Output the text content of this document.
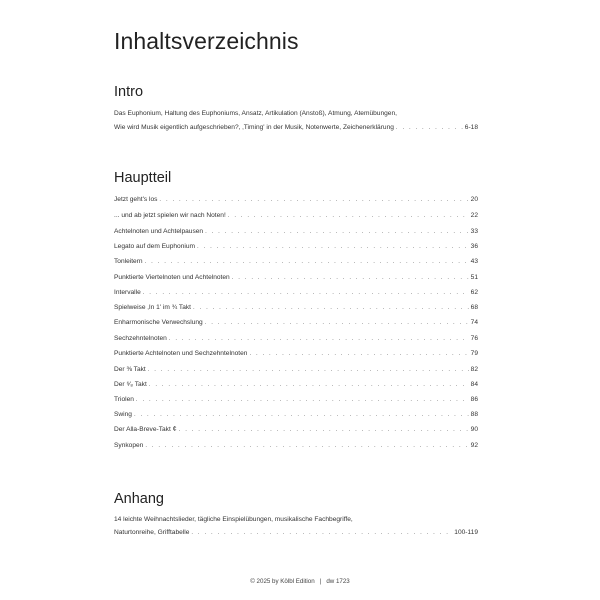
Inhaltsverzeichnis
Intro
Das Euphonium, Haltung des Euphoniums, Ansatz, Artikulation (Anstoß), Atmung, Atemübungen,
Wie wird Musik eigentlich aufgeschrieben?, ‚Timing' in der Musik, Notenwerte, Zeichenerklärung . . .	6-18
Hauptteil
Jetzt geht's los . . .	20
... und ab jetzt spielen wir nach Noten! . . .	22
Achtelnoten und Achtelpausen . . .	33
Legato auf dem Euphonium . . .	36
Tonleitern . . .	43
Punktierte Viertelnoten und Achtelnoten . . .	51
Intervalle . . .	62
Spielweise ‚In 1' im ¾ Takt . . .	68
Enharmonische Verwechslung . . .	74
Sechzehntelnoten . . .	76
Punktierte Achtelnoten und Sechzehntelnoten . . .	79
Der ⅜ Takt . . .	82
Der ⁶⁄₈ Takt . . .	84
Triolen . . .	86
Swing . . .	88
Der Alla-Breve-Takt ¢ . . .	90
Synkopen . . .	92
Anhang
14 leichte Weihnachtslieder, tägliche Einspielübungen, musikalische Fachbegriffe,
Naturtonreihe, Grifftabelle . . .	100-119
© 2025 by Kölbl Edition | dw 1723
